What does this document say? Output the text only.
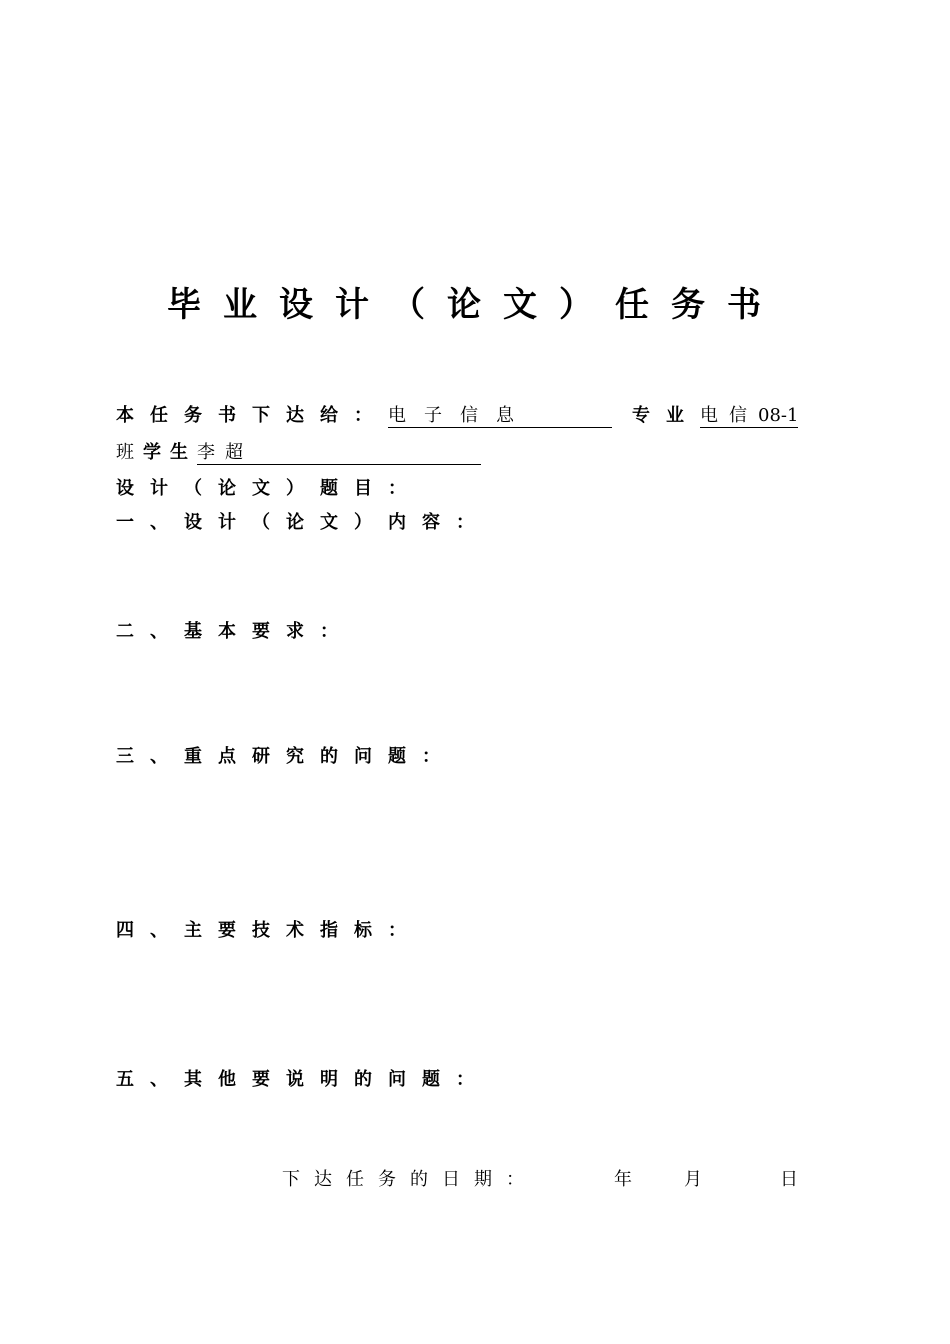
毕业设计（论文）任务书
本任务书下达给：电子信息	专业电信08-1
班学生李超
设计（论文）题目：
一、设计（论文）内容：
二、基本要求：
三、重点研究的问题：
四、主要技术指标：
五、其他要说明的问题：
下达任务的日期：	年 月	日
